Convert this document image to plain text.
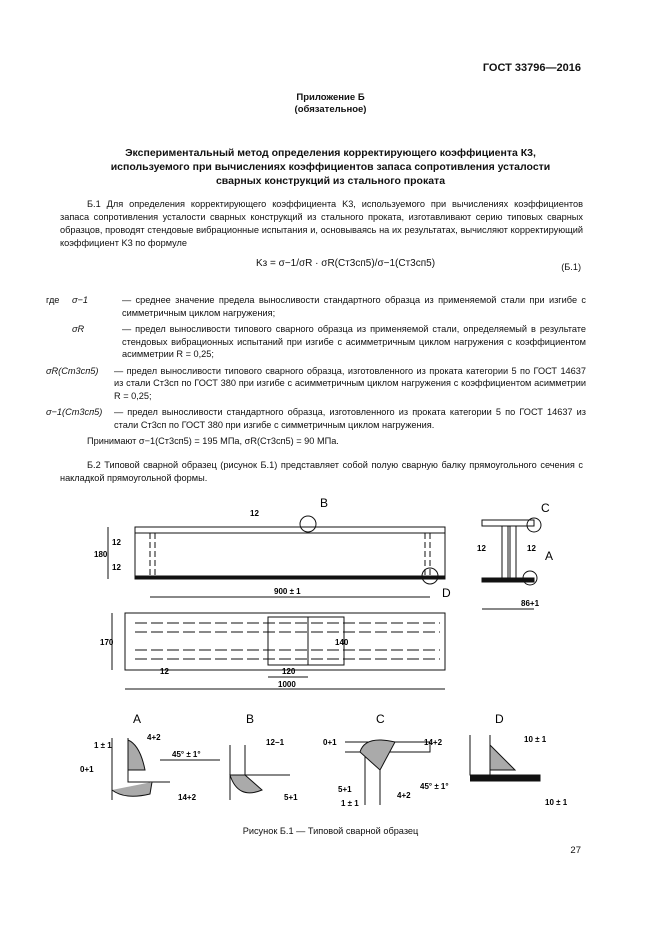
ГОСТ 33796—2016
Приложение Б
(обязательное)
Экспериментальный метод определения корректирующего коэффициента К3,
используемого при вычислениях коэффициентов запаса сопротивления усталости
сварных конструкций из стального проката
Б.1 Для определения корректирующего коэффициента K3, используемого при вычислениях коэффициентов запаса сопротивления усталости сварных конструкций из стального проката, изготавливают серию типовых сварных образцов, проводят стендовые вибрационные испытания и, основываясь на их результатах, вычисляют корректирующий коэффициент K3 по формуле
Kз = σ−1/σR · σR(Ст3сп5)/σ−1(Ст3сп5)	(Б.1)
где	σ−1	— среднее значение предела выносливости стандартного образца из применяемой стали при изгибе с симметричным циклом нагружения;
σR	— предел выносливости типового сварного образца из применяемой стали, определяемый в результате стендовых вибрационных испытаний при изгибе с асимметричным циклом нагружения с коэффициентом асимметрии R = 0,25;
σR(Ст3сп5)	— предел выносливости типового сварного образца, изготовленного из проката категории 5 по ГОСТ 14637 из стали Ст3сп по ГОСТ 380 при изгибе с асимметричным циклом нагружения с коэффициентом асимметрии R = 0,25;
σ−1(Ст3сп5)	— предел выносливости стандартного образца, изготовленного из проката категории 5 по ГОСТ 14637 из стали Ст3сп по ГОСТ 380 при изгибе с симметричным циклом нагружения.
Принимают σ−1(Ст3сп5) = 195 МПа, σR(Ст3сп5) = 90 МПа.
Б.2 Типовой сварной образец (рисунок Б.1) представляет собой полую сварную балку прямоугольного сечения с накладкой прямоугольной формы.
B	C
A
D
A	B	C	D
12
180
12
12
900 ± 1
12	12
86+1
170	140
12	120
1000
1 ± 1
4+2
45° ± 1°
0+1
14+2
12−1
5+1
0+1	14+2
5+1
4+2
45° ± 1°
1 ± 1
10 ± 1
10 ± 1
Рисунок Б.1 — Типовой сварной образец
27
